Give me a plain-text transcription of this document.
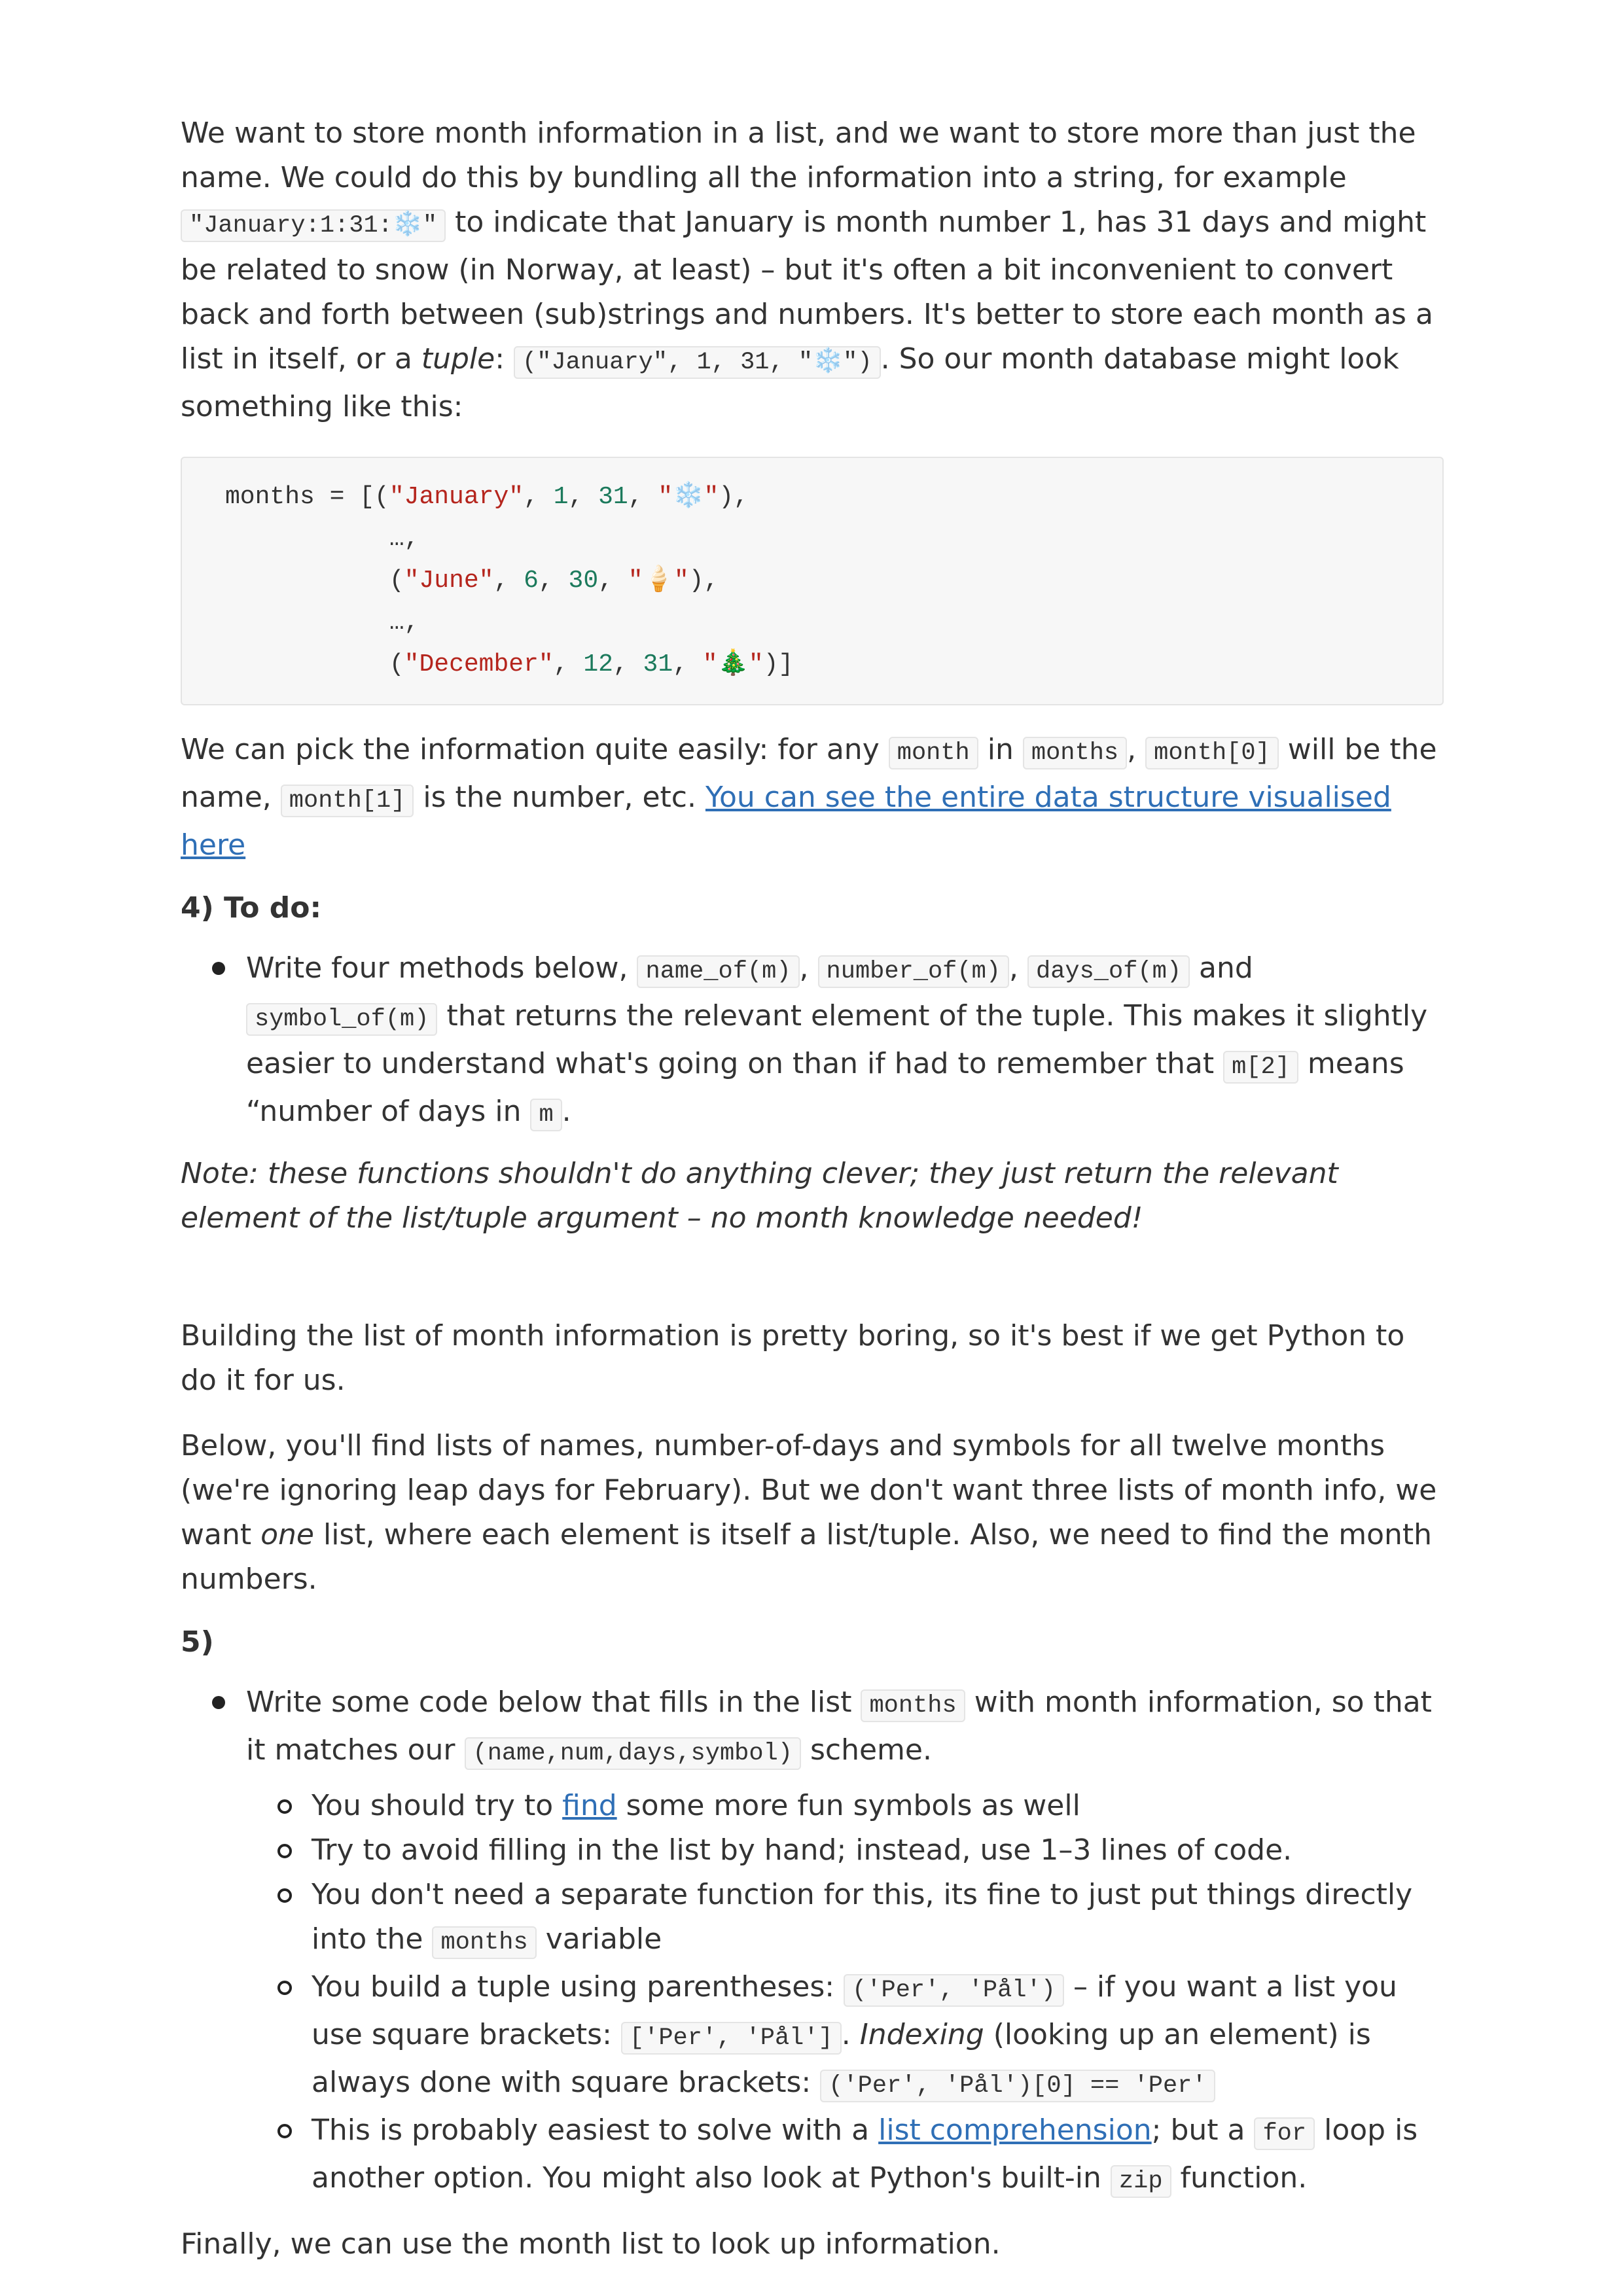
We want to store month information in a list, and we want to store more than just the name. We could do this by bundling all the information into a string, for example "January:1:31:❄️" to indicate that January is month number 1, has 31 days and might be related to snow (in Norway, at least) – but it's often a bit inconvenient to convert back and forth between (sub)strings and numbers. It's better to store each month as a list in itself, or a tuple: ("January", 1, 31, "❄️") . So our month database might look something like this:

months = [("January", 1, 31, "❄️"),
…,
("June", 6, 30, "🍦"),
…,
("December", 12, 31, "🎄")]

We can pick the information quite easily: for any month in months , month[0] will be the name, month[1] is the number, etc. You can see the entire data structure visualised here

4) To do:
Write four methods below, name_of(m) , number_of(m) , days_of(m) and symbol_of(m) that returns the relevant element of the tuple. This makes it slightly easier to understand what's going on than if had to remember that m[2] means “number of days in m .

Note: these functions shouldn't do anything clever; they just return the relevant element of the list/tuple argument – no month knowledge needed!

Building the list of month information is pretty boring, so it's best if we get Python to do it for us.

Below, you'll find lists of names, number-of-days and symbols for all twelve months (we're ignoring leap days for February). But we don't want three lists of month info, we want one list, where each element is itself a list/tuple. Also, we need to find the month numbers.

5)
Write some code below that fills in the list months with month information, so that it matches our (name,num,days,symbol) scheme.
You should try to find some more fun symbols as well
Try to avoid filling in the list by hand; instead, use 1–3 lines of code.
You don't need a separate function for this, its fine to just put things directly into the months variable
You build a tuple using parentheses: ('Per', 'Pål') – if you want a list you use square brackets: ['Per', 'Pål'] . Indexing (looking up an element) is always done with square brackets: ('Per', 'Pål')[0] == 'Per'
This is probably easiest to solve with a list comprehension; but a for loop is another option. You might also look at Python's built-in zip function.

Finally, we can use the month list to look up information.
